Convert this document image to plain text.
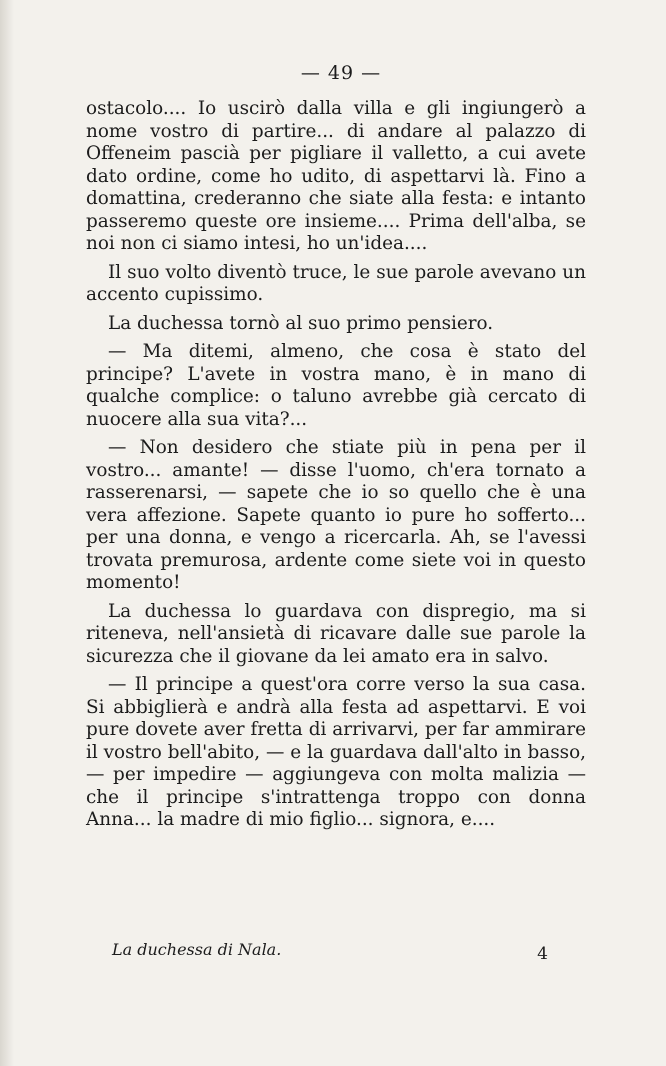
— 49 —

ostacolo.... Io uscirò dalla villa e gli ingiungerò a nome vostro di partire... di andare al palazzo di Offeneim pascià per pigliare il valletto, a cui avete dato ordine, come ho udito, di aspettarvi là. Fino a domattina, crederanno che siate alla festa: e intanto passeremo queste ore insieme.... Prima dell'alba, se noi non ci siamo intesi, ho un'idea....

Il suo volto diventò truce, le sue parole avevano un accento cupissimo.

La duchessa tornò al suo primo pensiero.

— Ma ditemi, almeno, che cosa è stato del principe? L'avete in vostra mano, è in mano di qualche complice: o taluno avrebbe già cercato di nuocere alla sua vita?...

— Non desidero che stiate più in pena per il vostro... amante! — disse l'uomo, ch'era tornato a rasserenarsi, — sapete che io so quello che è una vera affezione. Sapete quanto io pure ho sofferto... per una donna, e vengo a ricercarla. Ah, se l'avessi trovata premurosa, ardente come siete voi in questo momento!

La duchessa lo guardava con dispregio, ma si riteneva, nell'ansietà di ricavare dalle sue parole la sicurezza che il giovane da lei amato era in salvo.

— Il principe a quest'ora corre verso la sua casa. Si abbiglierà e andrà alla festa ad aspettarvi. E voi pure dovete aver fretta di arrivarvi, per far ammirare il vostro bell'abito, — e la guardava dall'alto in basso, — per impedire — aggiungeva con molta malizia — che il principe s'intrattenga troppo con donna Anna... la madre di mio figlio... signora, e....

La duchessa di Nala.	4
